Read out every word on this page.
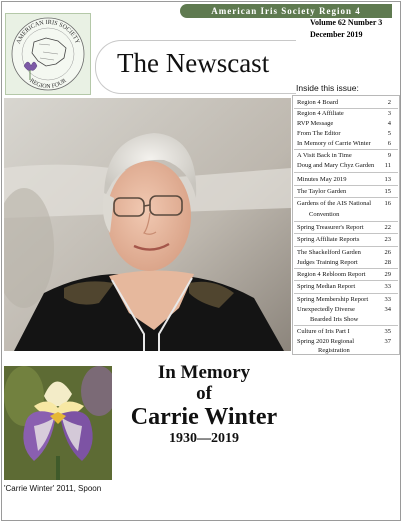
American Iris Society Region 4
AMERICAN IRIS SOCIETY
REGION FOUR
Volume 62 Number 3
December 2019
The Newscast
Inside this issue:
Region 4 Board	2
Region 4 Affiliate	3
RVP Message	4
From The Editor	5
In Memory of Carrie Winter	6
A Visit Back in Time	9
Doug and Mary Chyz Garden	11
Minutes May 2019	13
The Taylor Garden	15
Gardens of the AIS National	16
Convention
Spring Treasurer's Report	22
Spring Affiliate Reports	23
The Shackelford Garden	26
Judges Training Report	28
Region 4 Rebloom Report	29
Spring Median Report	33
Spring Membership Report	33
Unexpectedly Diverse	34
Bearded Iris Show
Culture of Iris Part I	35
Spring 2020 Regional	37
Registration
'Carrie Winter' 2011, Spoon
In Memory
of
Carrie Winter
1930—2019
